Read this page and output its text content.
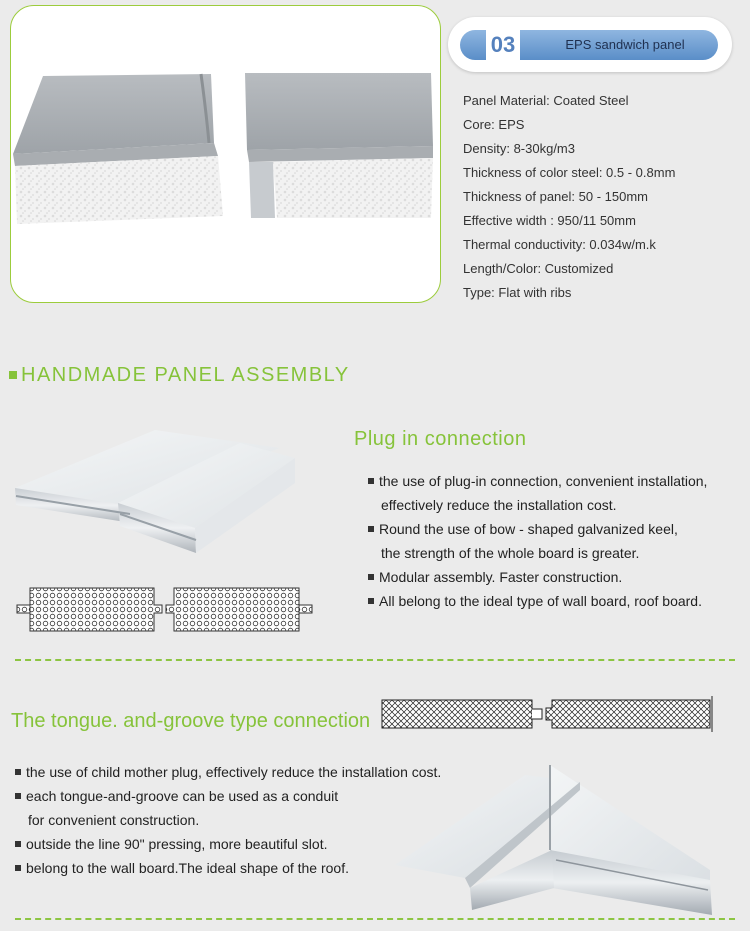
03	EPS sandwich panel
Panel Material: Coated Steel
Core: EPS
Density: 8-30kg/m3
Thickness of color steel: 0.5 - 0.8mm
Thickness of panel: 50 - 150mm
Effective width : 950/11 50mm
Thermal conductivity: 0.034w/m.k
Length/Color: Customized
Type: Flat with ribs
HANDMADE PANEL ASSEMBLY
Plug in connection
the use of plug-in connection, convenient installation,
effectively reduce the installation cost.
Round the use of bow - shaped galvanized keel,
the strength of the whole board is greater.
Modular assembly. Faster construction.
All belong to the ideal type of wall board, roof board.
The tongue. and-groove type connection
the use of child mother plug, effectively reduce the installation cost.
each tongue-and-groove can be used as a conduit
for convenient construction.
outside the line 90" pressing, more beautiful slot.
belong to the wall board.The ideal shape of the roof.
